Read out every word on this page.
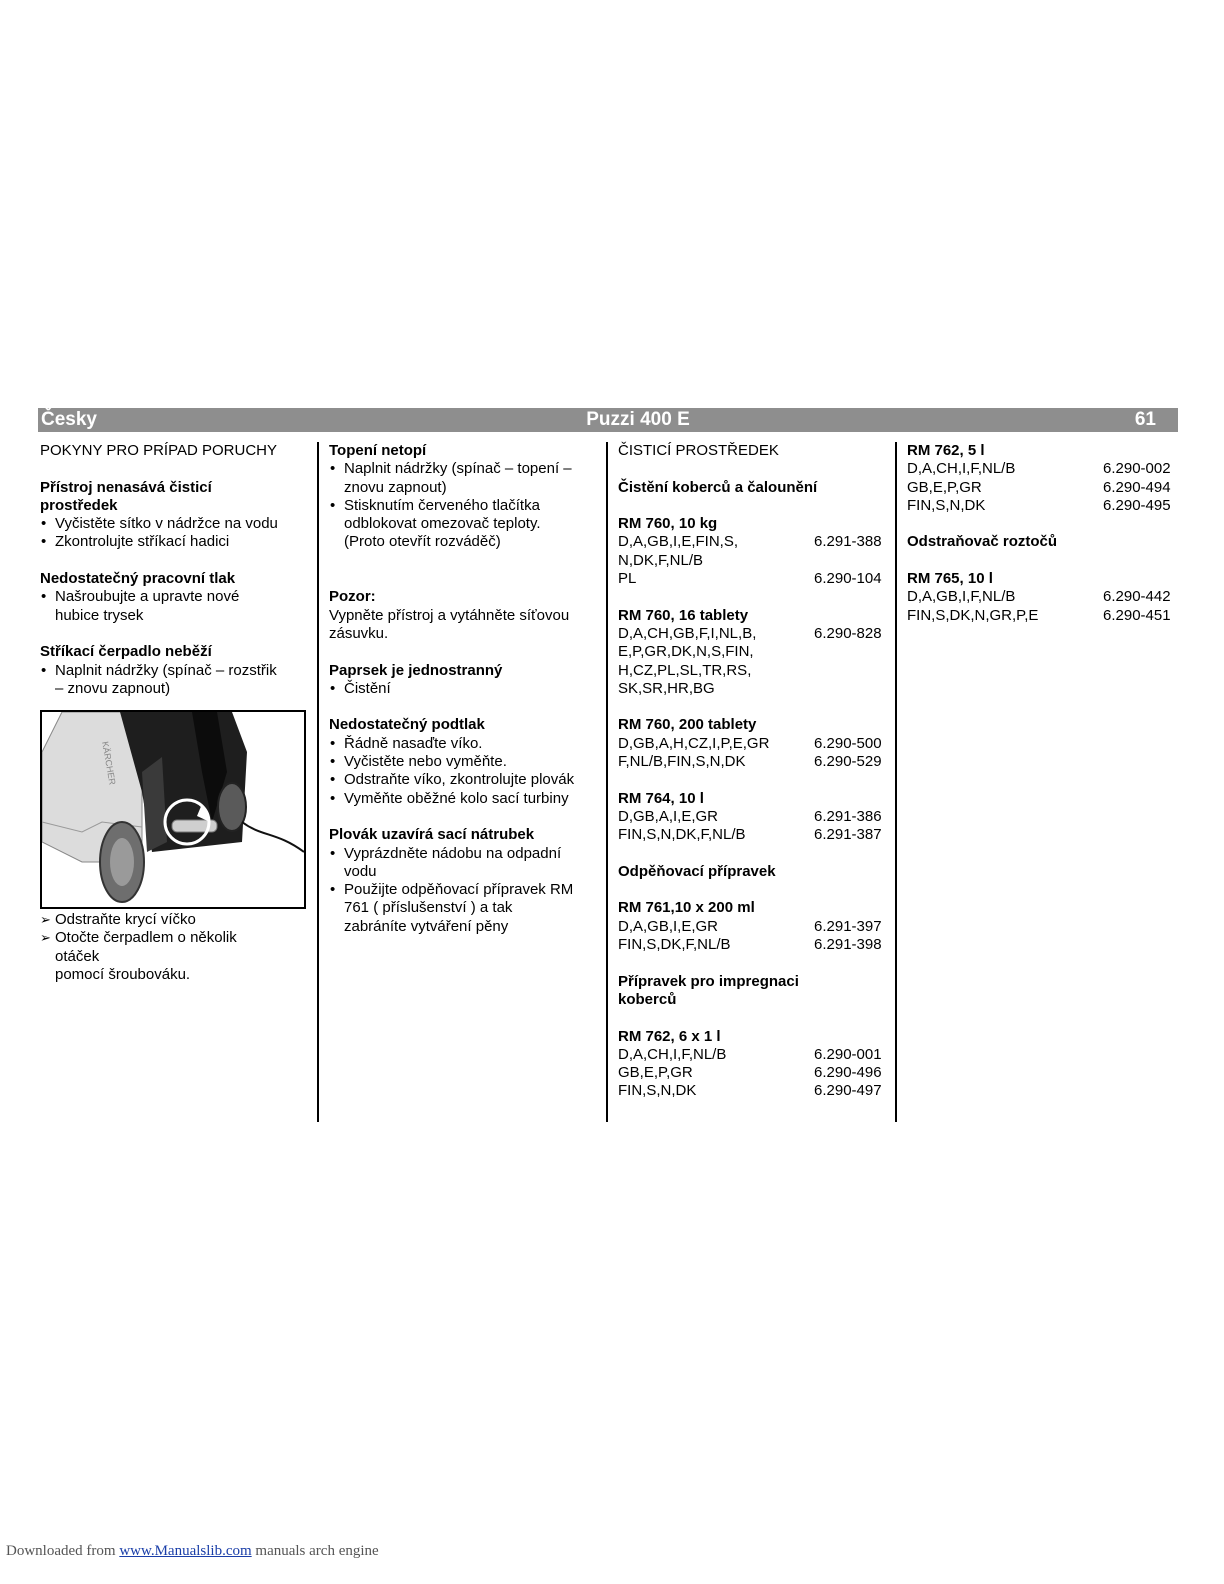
Česky	Puzzi 400 E	61
POKYNY PRO PRÍPAD PORUCHY
Přístroj nenasává čisticí
prostředek
• Vyčistěte sítko v nádržce na vodu
• Zkontrolujte stříkací hadici
Nedostatečný pracovní tlak
• Našroubujte a upravte nové
hubice trysek
Stříkací čerpadlo neběží
• Naplnit nádržky (spínač – rozstřik
– znovu zapnout)
KÄRCHER
➢ Odstraňte krycí víčko
➢ Otočte čerpadlem o několik
otáček
pomocí šroubováku.
Topení netopí
• Naplnit nádržky (spínač – topení –
znovu zapnout)
• Stisknutím červeného tlačítka
odblokovat omezovač teploty.
(Proto otevřít rozváděč)
Pozor:
Vypněte přístroj a vytáhněte síťovou
zásuvku.
Paprsek je jednostranný
• Čistění
Nedostatečný podtlak
• Řádně nasaďte víko.
• Vyčistěte nebo vyměňte.
• Odstraňte víko, zkontrolujte plovák
• Vyměňte oběžné kolo sací turbiny
Plovák uzavírá sací nátrubek
• Vyprázdněte nádobu na odpadní
vodu
• Použijte odpěňovací přípravek RM
761 ( příslušenství ) a tak
zabráníte vytváření pěny
ČISTICÍ PROSTŘEDEK
Čistění koberců a čalounění
RM 760, 10 kg
D,A,GB,I,E,FIN,S,	6.291-388
N,DK,F,NL/B
PL	6.290-104
RM 760, 16 tablety
D,A,CH,GB,F,I,NL,B,	6.290-828
E,P,GR,DK,N,S,FIN,
H,CZ,PL,SL,TR,RS,
SK,SR,HR,BG
RM 760, 200 tablety
D,GB,A,H,CZ,I,P,E,GR	6.290-500
F,NL/B,FIN,S,N,DK	6.290-529
RM 764, 10 l
D,GB,A,I,E,GR	6.291-386
FIN,S,N,DK,F,NL/B	6.291-387
Odpěňovací přípravek
RM 761,10 x 200 ml
D,A,GB,I,E,GR	6.291-397
FIN,S,DK,F,NL/B	6.291-398
Přípravek pro impregnaci
koberců
RM 762, 6 x 1 l
D,A,CH,I,F,NL/B	6.290-001
GB,E,P,GR	6.290-496
FIN,S,N,DK	6.290-497
RM 762, 5 l
D,A,CH,I,F,NL/B	6.290-002
GB,E,P,GR	6.290-494
FIN,S,N,DK	6.290-495
Odstraňovač roztočů
RM 765, 10 l
D,A,GB,I,F,NL/B	6.290-442
FIN,S,DK,N,GR,P,E	6.290-451
Downloaded from www.Manualslib.com manuals arch engine
